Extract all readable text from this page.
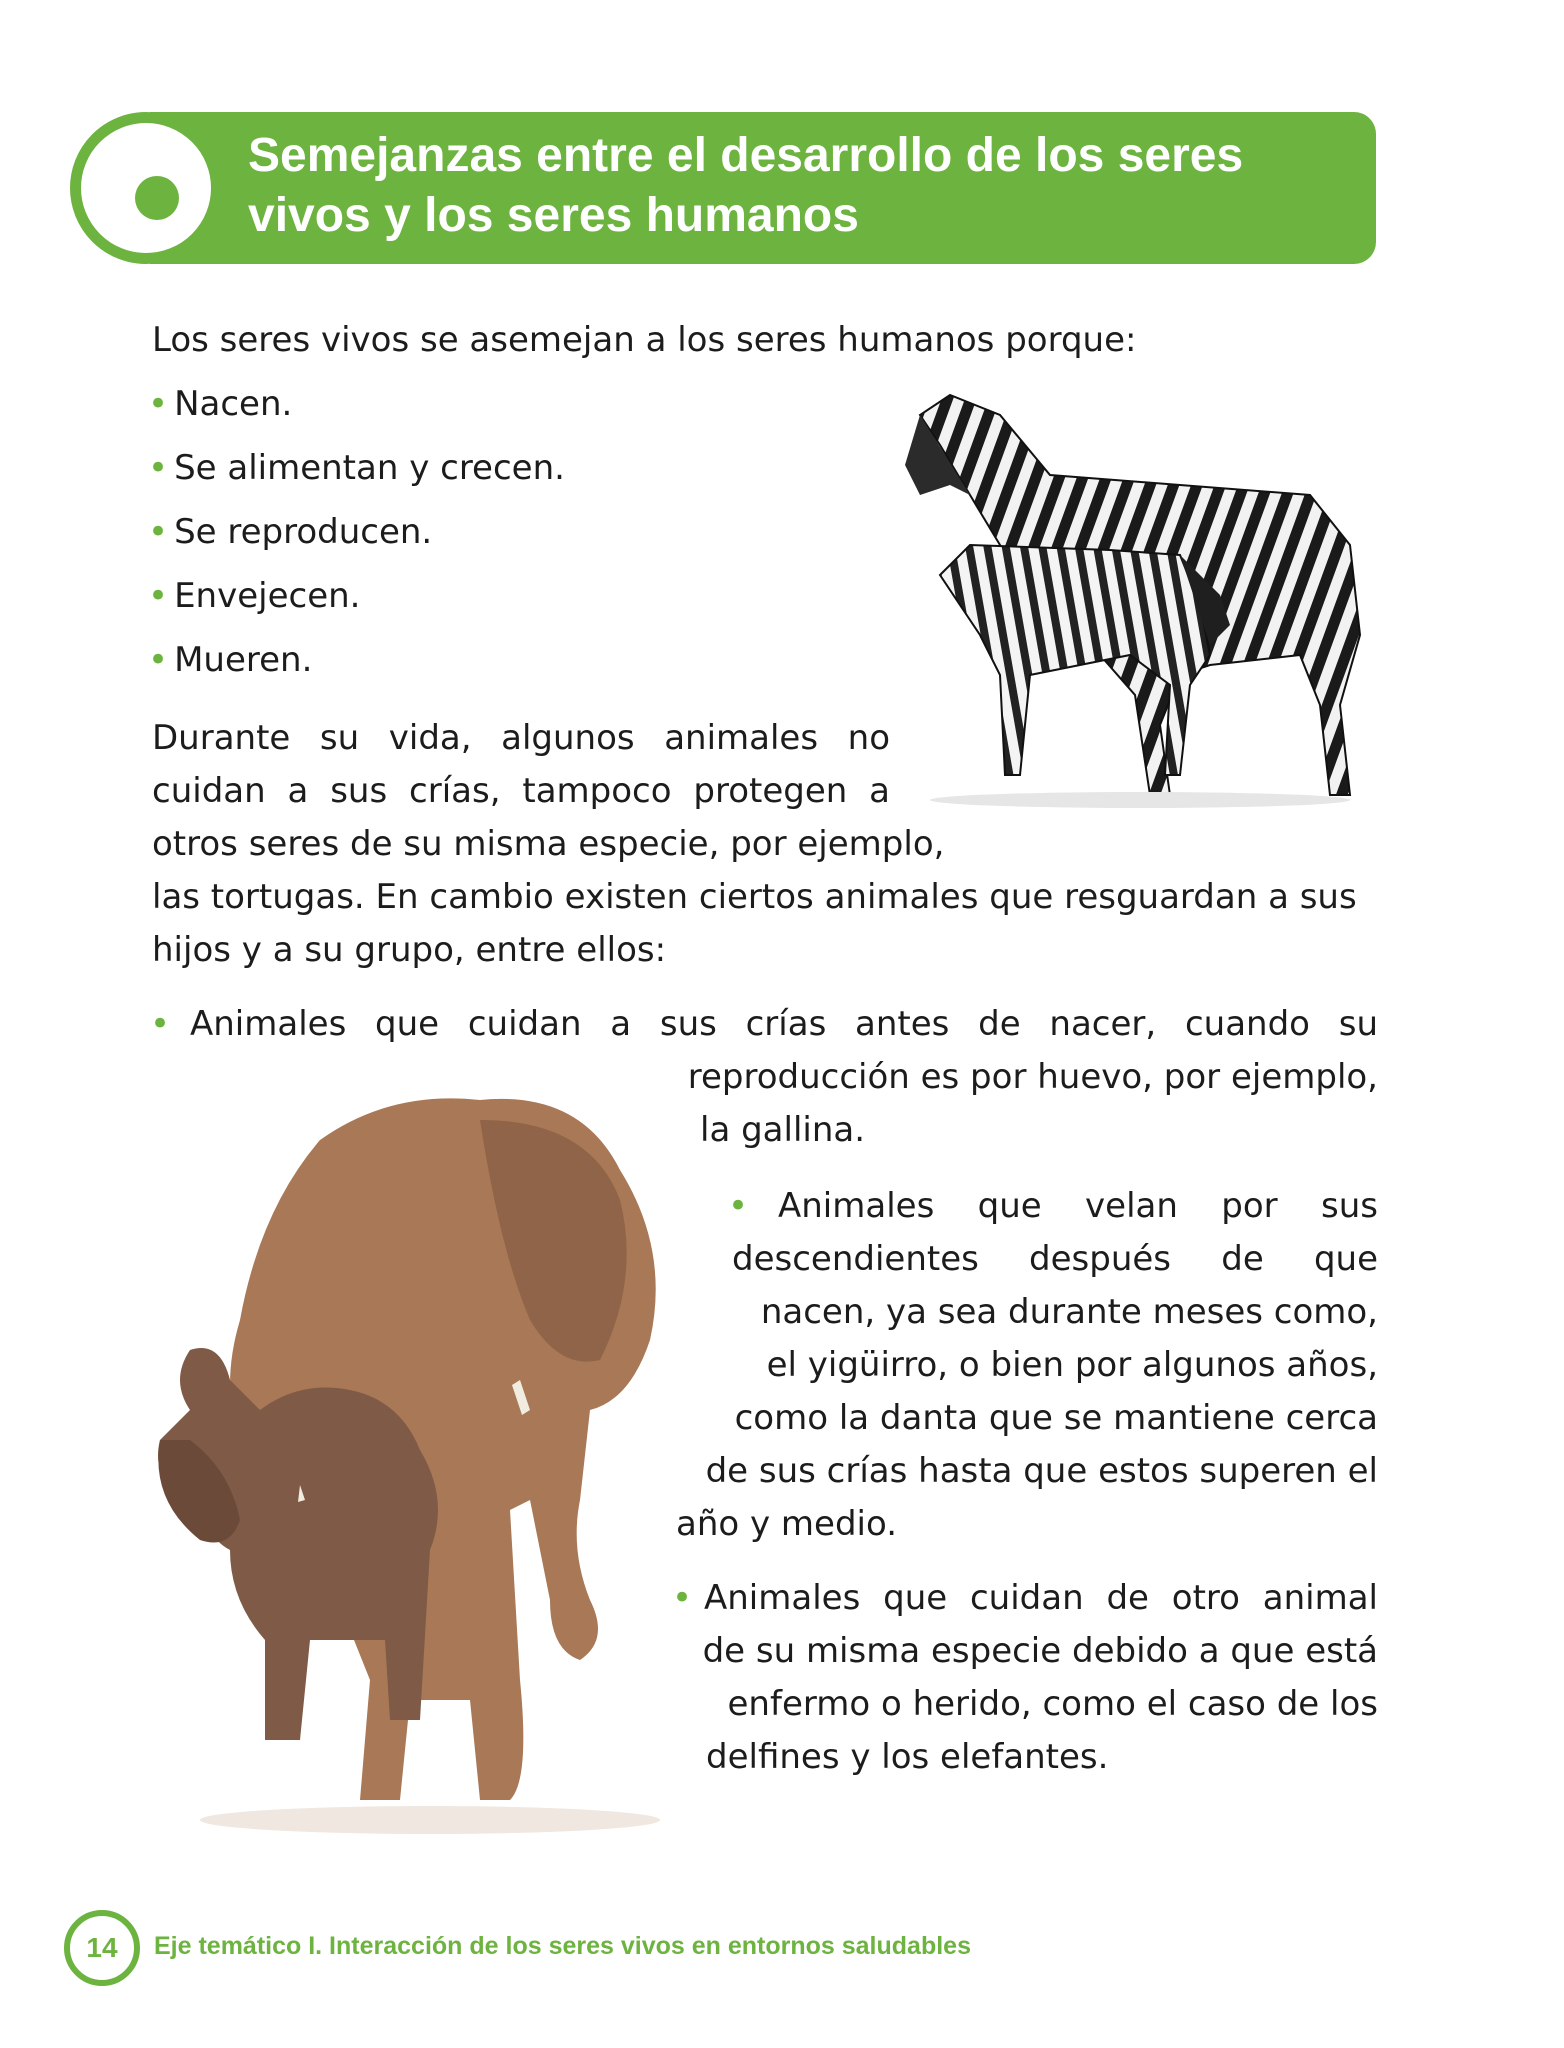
Semejanzas entre el desarrollo de los seres
vivos y los seres humanos

Los seres vivos se asemejan a los seres humanos porque:

• Nacen.

• Se alimentan y crecen.

• Se reproducen.

• Envejecen.

• Mueren.

Durante su vida, algunos animales no

cuidan a sus crías, tampoco protegen a

otros seres de su misma especie, por ejemplo,

las tortugas. En cambio existen ciertos animales que resguardan a sus

hijos y a su grupo, entre ellos:

• Animales que cuidan a sus crías antes de nacer, cuando su

reproducción es por huevo, por ejemplo,

la gallina.

• Animales que velan por sus

descendientes después de que

nacen, ya sea durante meses como,

el yigüirro, o bien por algunos años,

como la danta que se mantiene cerca

de sus crías hasta que estos superen el

año y medio.

• Animales que cuidan de otro animal

de su misma especie debido a que está

enfermo o herido, como el caso de los

delfines y los elefantes.

14 Eje temático I. Interacción de los seres vivos en entornos saludables
